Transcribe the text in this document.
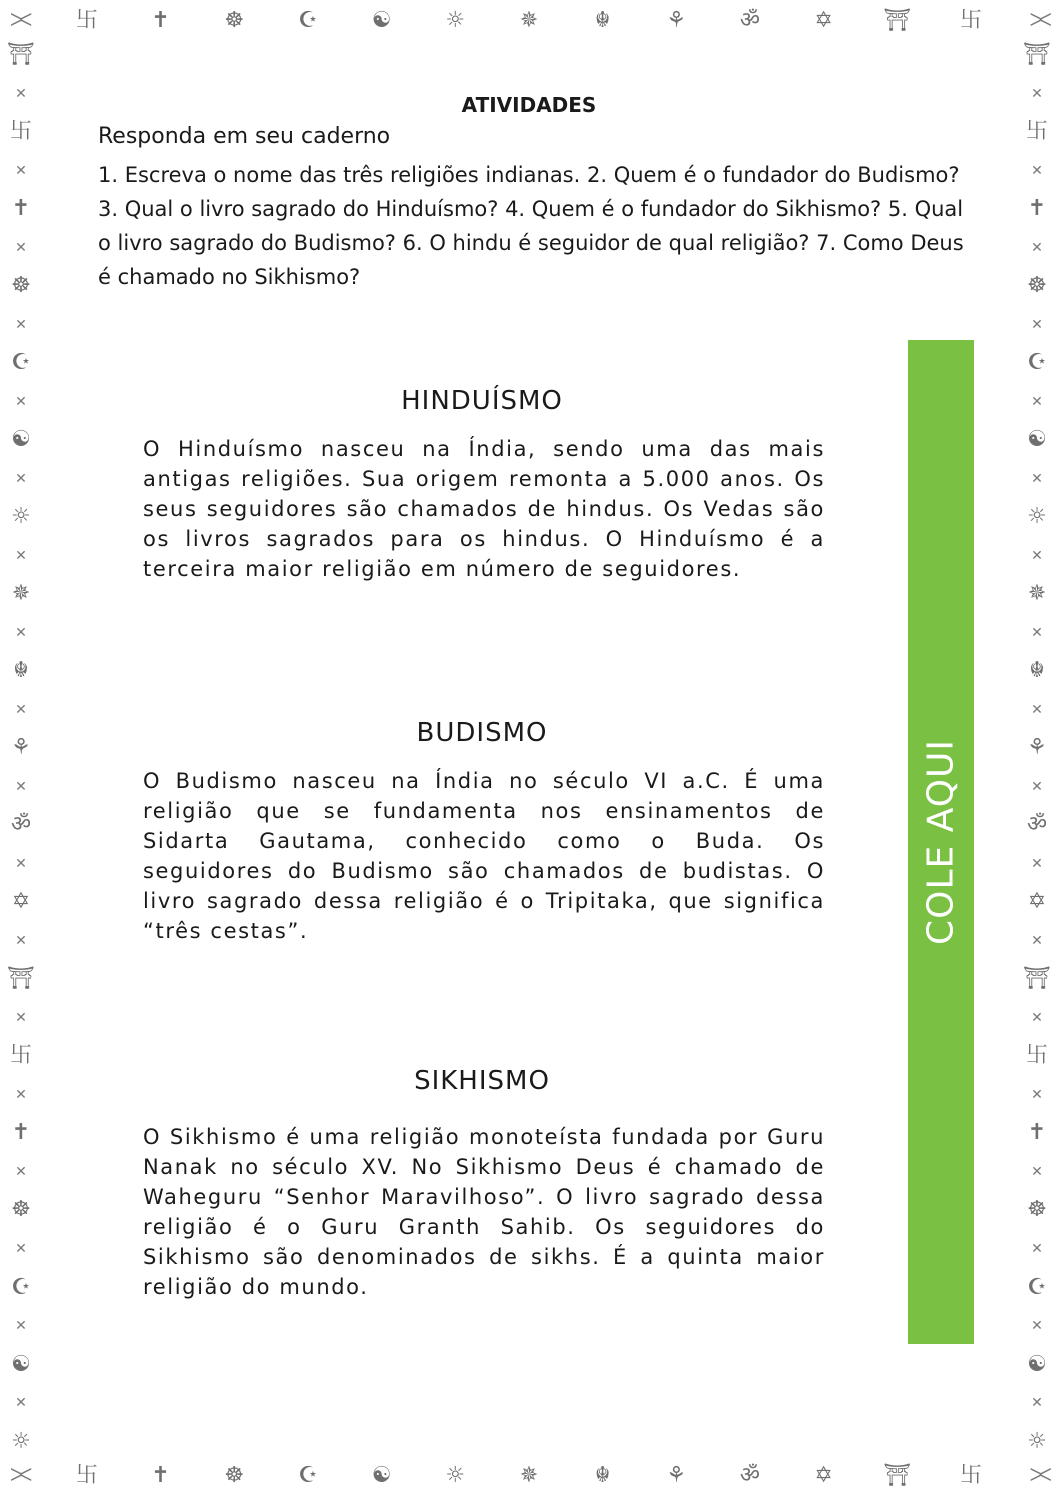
ᐳᐸ 卐 ✝ ☸ ☪ ☯ ☼ ✵	☬	⚘ ॐ ✡ ⛩ 卐	ᐳᐸ
ᐳᐸ 卐 ✝ ☸ ☪ ☯ ☼ ✵	☬	⚘ ॐ ✡ ⛩ 卐	ᐳᐸ
⛩
✕
卐
✕
✝
✕
☸
✕
☪
✕
☯
✕
☼
✕
✵
✕
☬
✕
⚘
✕
ॐ
✕
✡
✕
⛩
✕
卐
✕
✝
✕
☸
✕
☪
✕
☯
✕
☼
⛩
✕
卐
✕
✝
✕
☸
✕
☪
✕
☯
✕
☼
✕
✵
✕
☬
✕
⚘
✕
ॐ
✕
✡
✕
⛩
✕
卐
✕
✝
✕
☸
✕
☪
✕
☯
✕
☼
ATIVIDADES
Responda em seu caderno
1. Escreva o nome das três religiões indianas. 2. Quem é o fundador do Budismo? 3. Qual o livro sagrado do Hinduísmo? 4. Quem é o fundador do Sikhismo? 5. Qual o livro sagrado do Budismo? 6. O hindu é seguidor de qual religião? 7. Como Deus é chamado no Sikhismo?
HINDUÍSMO
O Hinduísmo nasceu na Índia, sendo uma das mais antigas religiões. Sua origem remonta a 5.000 anos. Os seus seguidores são chamados de hindus. Os Vedas são os livros sagrados para os hindus. O Hinduísmo é a terceira maior religião em número de seguidores.
BUDISMO
O Budismo nasceu na Índia no século VI a.C. É uma religião que se fundamenta nos ensinamentos de Sidarta Gautama, conhecido como o Buda. Os seguidores do Budismo são chamados de budistas. O livro sagrado dessa religião é o Tripitaka, que significa “três cestas”.
SIKHISMO
O Sikhismo é uma religião monoteísta fundada por Guru Nanak no século XV. No Sikhismo Deus é chamado de Waheguru “Senhor Maravilhoso”. O livro sagrado dessa religião é o Guru Granth Sahib. Os seguidores do Sikhismo são denominados de sikhs. É a quinta maior religião do mundo.
COLE AQUI
